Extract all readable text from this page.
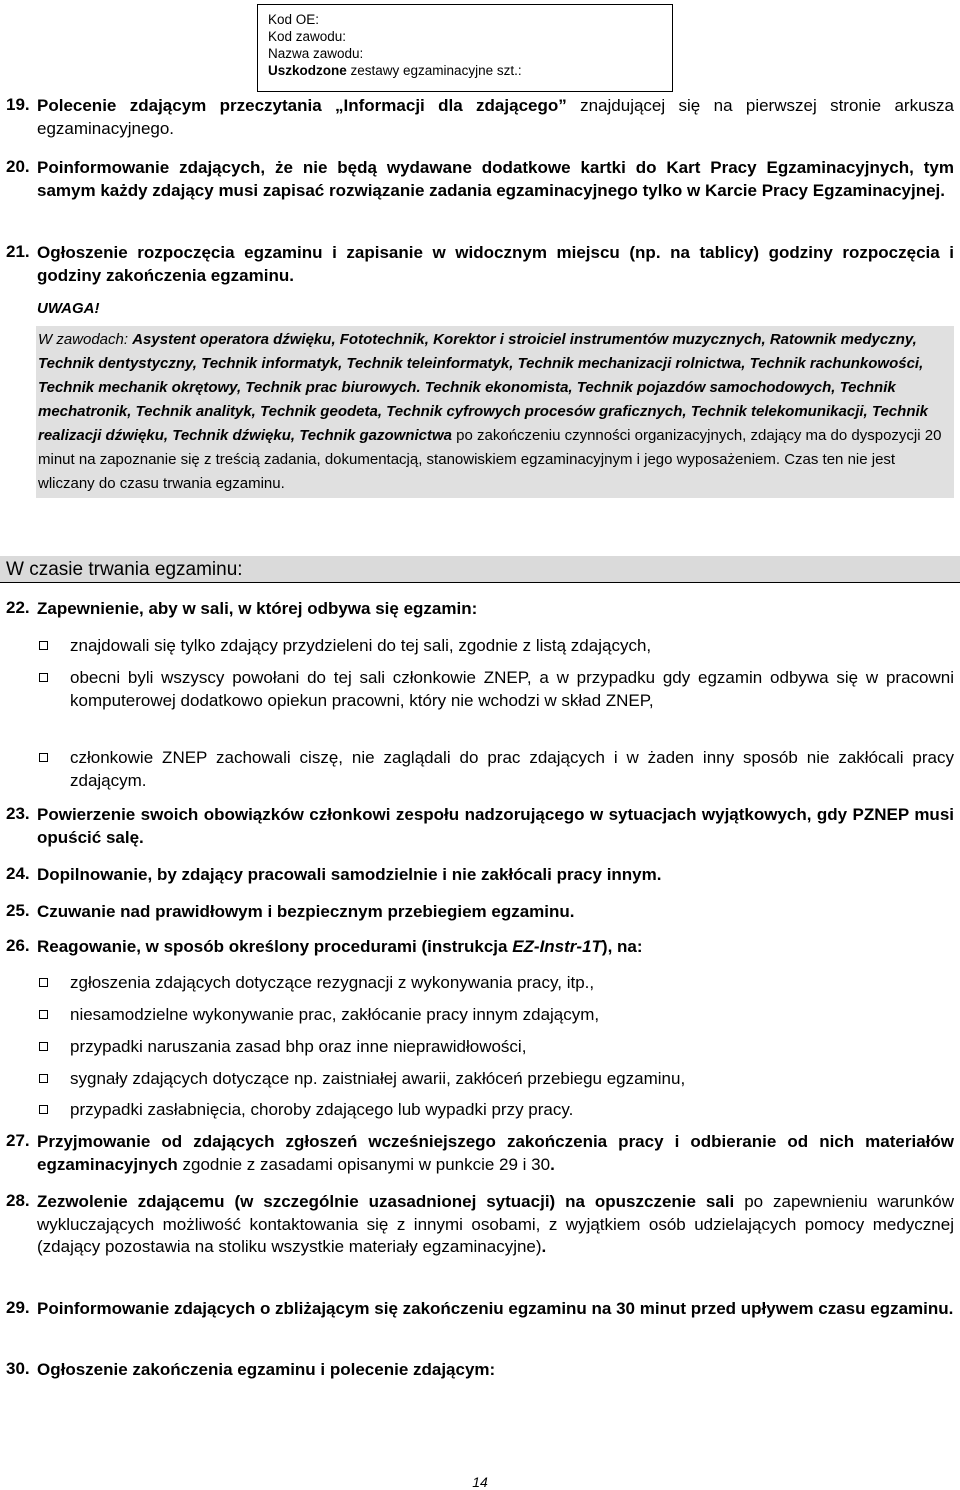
Kod OE:
Kod zawodu:
Nazwa zawodu:
Uszkodzone zestawy egzaminacyjne szt.:
19. Polecenie zdającym przeczytania „Informacji dla zdającego” znajdującej się na pierwszej stronie arkusza egzaminacyjnego.
20. Poinformowanie zdających, że nie będą wydawane dodatkowe kartki do Kart Pracy Egzaminacyjnych, tym samym każdy zdający musi zapisać rozwiązanie zadania egzaminacyjnego tylko w Karcie Pracy Egzaminacyjnej.
21. Ogłoszenie rozpoczęcia egzaminu i zapisanie w widocznym miejscu (np. na tablicy) godziny rozpoczęcia i godziny zakończenia egzaminu.
UWAGA!
W zawodach: Asystent operatora dźwięku, Fototechnik, Korektor i stroiciel instrumentów muzycznych, Ratownik medyczny, Technik dentystyczny, Technik informatyk, Technik teleinformatyk, Technik mechanizacji rolnictwa, Technik rachunkowości, Technik mechanik okrętowy, Technik prac biurowych. Technik ekonomista, Technik pojazdów samochodowych, Technik mechatronik, Technik analityk, Technik geodeta, Technik cyfrowych procesów graficznych, Technik telekomunikacji, Technik realizacji dźwięku, Technik dźwięku, Technik gazownictwa po zakończeniu czynności organizacyjnych, zdający ma do dyspozycji 20 minut na zapoznanie się z treścią zadania, dokumentacją, stanowiskiem egzaminacyjnym i jego wyposażeniem. Czas ten nie jest wliczany do czasu trwania egzaminu.
W czasie trwania egzaminu:
22. Zapewnienie, aby w sali, w której odbywa się egzamin:
znajdowali się tylko zdający przydzieleni do tej sali, zgodnie z listą zdających,
obecni byli wszyscy powołani do tej sali członkowie ZNEP, a w przypadku gdy egzamin odbywa się w pracowni komputerowej dodatkowo opiekun pracowni, który nie wchodzi w skład ZNEP,
członkowie ZNEP zachowali ciszę, nie zaglądali do prac zdających i w żaden inny sposób nie zakłócali pracy zdającym.
23. Powierzenie swoich obowiązków członkowi zespołu nadzorującego w sytuacjach wyjątkowych, gdy PZNEP musi opuścić salę.
24. Dopilnowanie, by zdający pracowali samodzielnie i nie zakłócali pracy innym.
25. Czuwanie nad prawidłowym i bezpiecznym przebiegiem egzaminu.
26. Reagowanie, w sposób określony procedurami (instrukcja EZ-Instr-1T), na:
zgłoszenia zdających dotyczące rezygnacji z wykonywania pracy, itp.,
niesamodzielne wykonywanie prac, zakłócanie pracy innym zdającym,
przypadki naruszania zasad bhp oraz inne nieprawidłowości,
sygnały zdających dotyczące np. zaistniałej awarii, zakłóceń przebiegu egzaminu,
przypadki zasłabnięcia, choroby zdającego lub wypadki przy pracy.
27. Przyjmowanie od zdających zgłoszeń wcześniejszego zakończenia pracy i odbieranie od nich materiałów egzaminacyjnych zgodnie z zasadami opisanymi w punkcie 29 i 30.
28. Zezwolenie zdającemu (w szczególnie uzasadnionej sytuacji) na opuszczenie sali po zapewnieniu warunków wykluczających możliwość kontaktowania się z innymi osobami, z wyjątkiem osób udzielających pomocy medycznej (zdający pozostawia na stoliku wszystkie materiały egzaminacyjne).
29. Poinformowanie zdających o zbliżającym się zakończeniu egzaminu na 30 minut przed upływem czasu egzaminu.
30. Ogłoszenie zakończenia egzaminu i polecenie zdającym:
14
